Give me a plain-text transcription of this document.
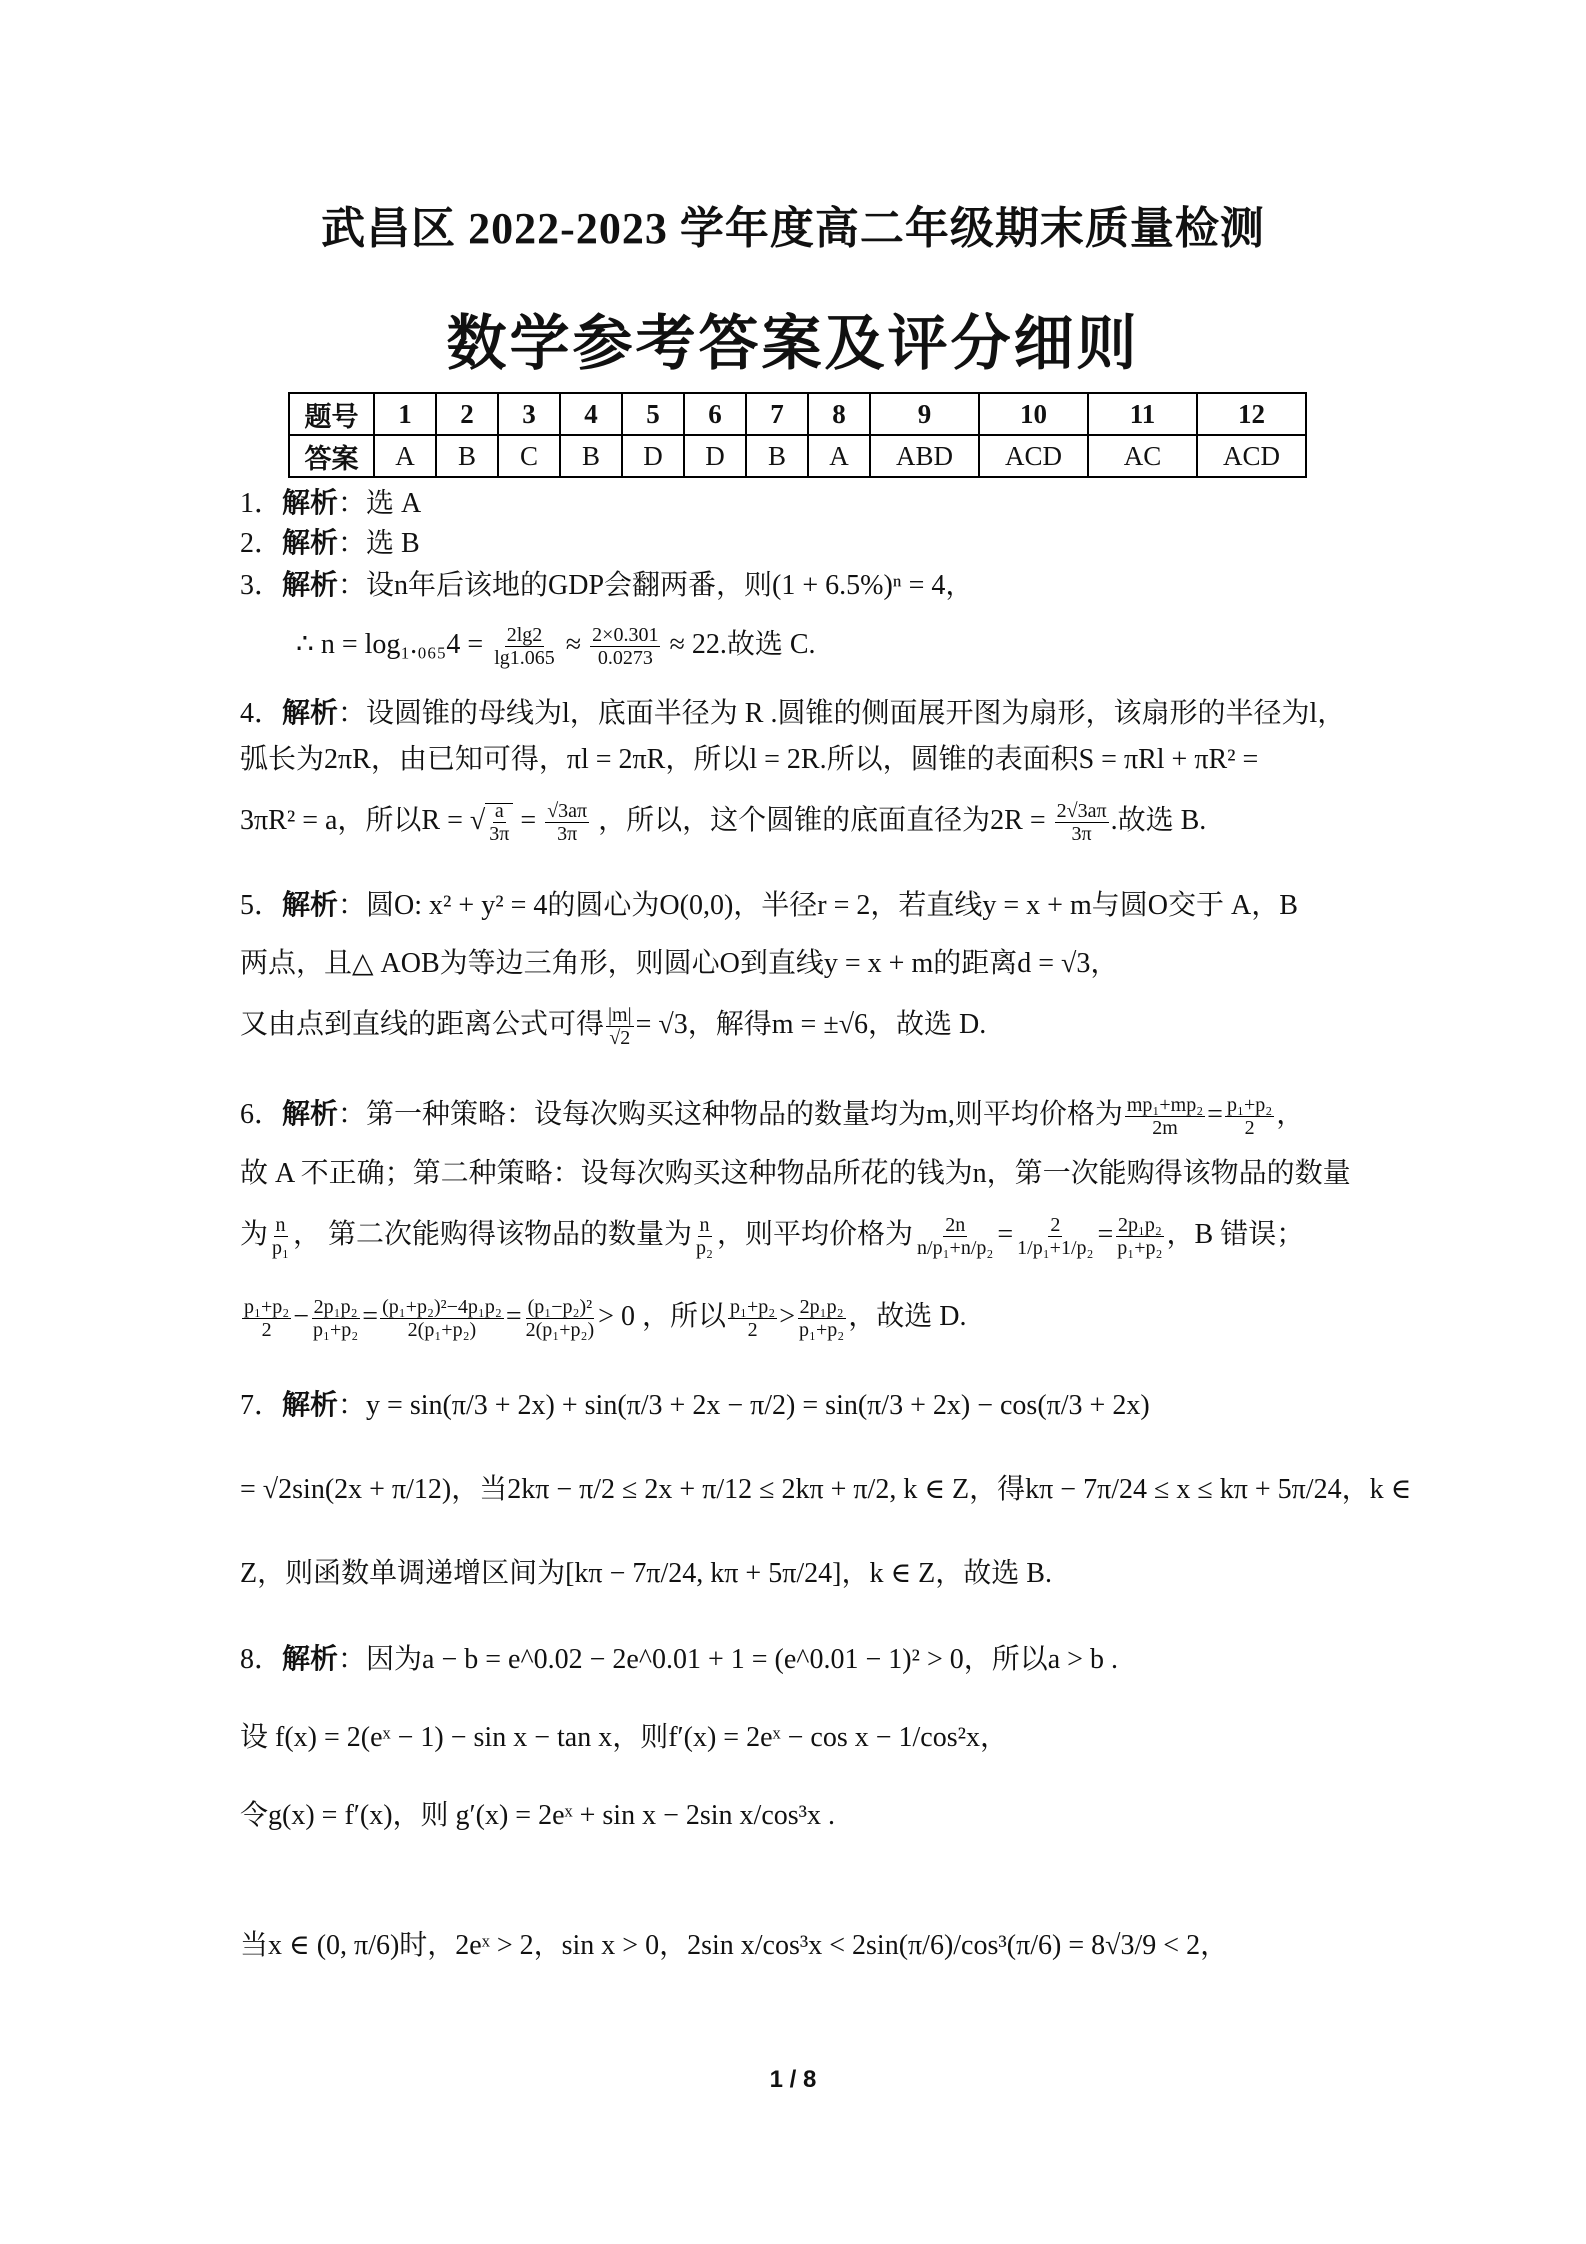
武昌区 2022-2023 学年度高二年级期末质量检测
数学参考答案及评分细则
题号	1	2	3	4	5	6	7	8	9	10	11	12
答案	A	B	C	B	D	D	B	A	ABD	ACD	AC	ACD
1．解析：选 A
2．解析：选 B
3．解析：设n年后该地的GDP会翻两番，则(1 + 6.5%)ⁿ = 4，
∴ $n = \log_1._{065}4 = \frac{2\lg 2}{\lg 1.065} \approx \frac{2\times 0.301}{0.0273} \approx 22$.故选 C.
4．解析：设圆锥的母线为l，底面半径为 R .圆锥的侧面展开图为扇形，该扇形的半径为l，
弧长为2πR，由已知可得，πl = 2πR，所以l = 2R.所以，圆锥的表面积S = πRl + πR² =
3πR² = a，所以R = √ $\frac{a}{3\pi} = \frac{√3a\pi}{3\pi}$ ，所以，这个圆锥的底面直径为$2R = \frac{2√3a\pi}{3\pi}$ .故选 B.
5．解析：圆O: x² + y² = 4的圆心为O(0,0)，半径r = 2，若直线y = x + m与圆O交于 A，B
两点，且△ AOB为等边三角形，则圆心O到直线y = x + m的距离d = √3，
又由点到直线的距离公式可得 $\frac{|m|}{√2} = √3$，解得m = ±√6，故选 D.
6．解析：第一种策略：设每次购买这种物品的数量均为m,则平均价格为 $\frac{\text{mp₁+mp₂}}{2m} = \frac{\text{p₁+p₂}}{2}$ ，
故 A 不正确；第二种策略：设每次购买这种物品所花的钱为n，第一次能购得该物品的数量
为 $\frac{n}{\text{p₁}}$ ， 第二次能购得该物品的数量为 $\frac{n}{\text{p₂}}$ ，则平均价格为 $\frac{2n}{\text{n/p₁+n/p₂}} = \frac{2}{\text{1/p₁+1/p₂}} = \frac{\text{2p₁p₂}}{\text{p₁+p₂}}$ ，B 错误；
$\frac{\text{p₁+p₂}}{2} - \frac{\text{2p₁p₂}}{\text{p₁+p₂}} = \frac{\text{(p₁+p₂)²−4p₁p₂}}{\text{2(p₁+p₂)}} = \frac{\text{(p₁−p₂)²}}{\text{2(p₁+p₂)}} > 0$ ，所以 $\frac{\text{p₁+p₂}}{2} > \frac{\text{2p₁p₂}}{\text{p₁+p₂}}$ ，故选 D.
7．解析：y = sin(π/3 + 2x) + sin(π/3 + 2x − π/2) = sin(π/3 + 2x) − cos(π/3 + 2x)
= √2sin(2x + π/12)，当2kπ − π/2 ≤ 2x + π/12 ≤ 2kπ + π/2, k ∈ Z，得kπ − 7π/24 ≤ x ≤ kπ + 5π/24，k ∈
Z，则函数单调递增区间为[kπ − 7π/24, kπ + 5π/24]，k ∈ Z，故选 B.
8．解析：因为a − b = e^0.02 − 2e^0.01 + 1 = (e^0.01 − 1)² > 0，所以a > b .
设 f(x) = 2(eˣ − 1) − sin x − tan x，则f′(x) = 2eˣ − cos x − 1/cos²x，
令g(x) = f′(x)，则 g′(x) = 2eˣ + sin x − 2sin x/cos³x .
当x ∈ (0, π/6)时，2eˣ > 2，sin x > 0，2sin x/cos³x < 2sin(π/6)/cos³(π/6) = 8√3/9 < 2，
1 / 8
